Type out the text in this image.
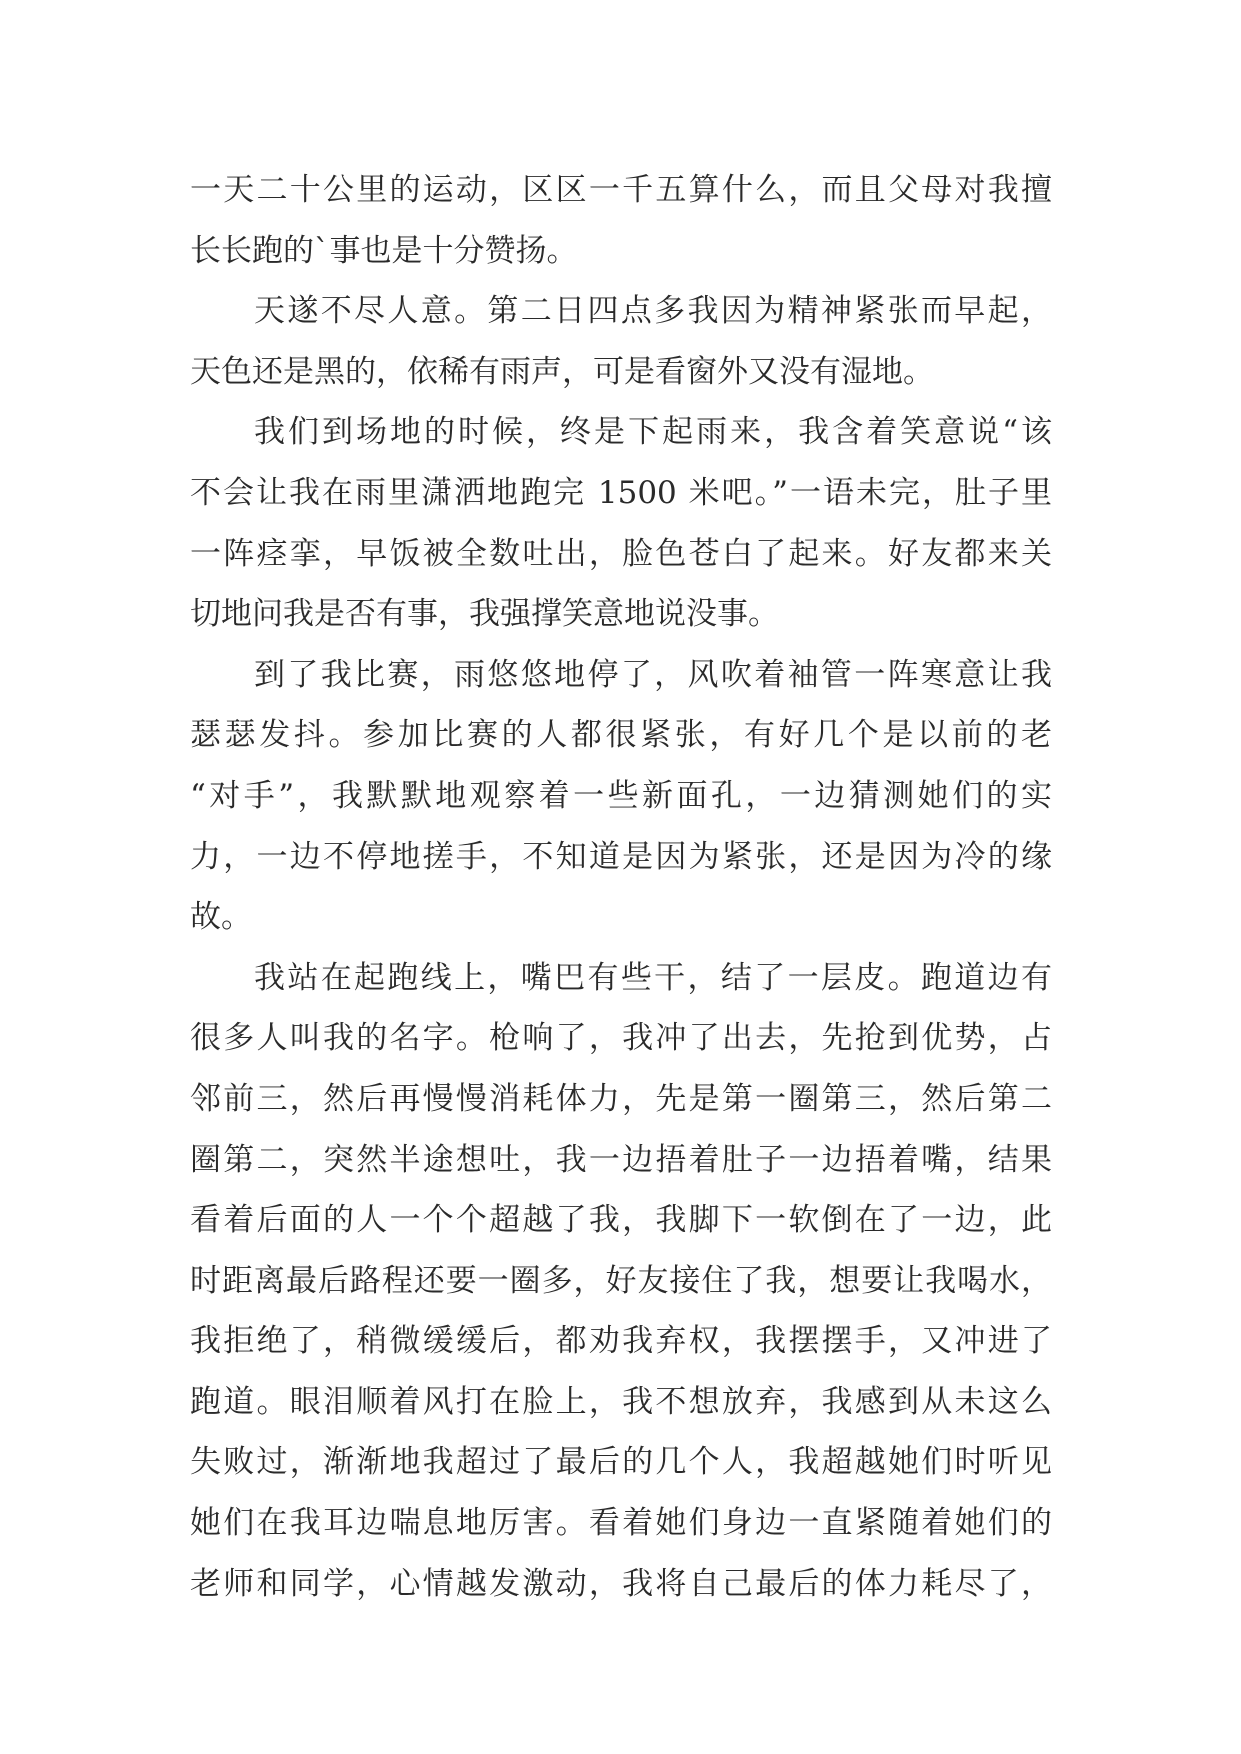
一天二十公里的运动，区区一千五算什么，而且父母对我擅
长长跑的`事也是十分赞扬。
天遂不尽人意。第二日四点多我因为精神紧张而早起，
天色还是黑的，依稀有雨声，可是看窗外又没有湿地。
我们到场地的时候，终是下起雨来，我含着笑意说“该
不会让我在雨里潇洒地跑完 1500 米吧。”一语未完，肚子里
一阵痉挛，早饭被全数吐出，脸色苍白了起来。好友都来关
切地问我是否有事，我强撑笑意地说没事。
到了我比赛，雨悠悠地停了，风吹着袖管一阵寒意让我
瑟瑟发抖。参加比赛的人都很紧张，有好几个是以前的老
“对手”，我默默地观察着一些新面孔，一边猜测她们的实
力，一边不停地搓手，不知道是因为紧张，还是因为冷的缘
故。
我站在起跑线上，嘴巴有些干，结了一层皮。跑道边有
很多人叫我的名字。枪响了，我冲了出去，先抢到优势，占
邻前三，然后再慢慢消耗体力，先是第一圈第三，然后第二
圈第二，突然半途想吐，我一边捂着肚子一边捂着嘴，结果
看着后面的人一个个超越了我，我脚下一软倒在了一边，此
时距离最后路程还要一圈多，好友接住了我，想要让我喝水，
我拒绝了，稍微缓缓后，都劝我弃权，我摆摆手，又冲进了
跑道。眼泪顺着风打在脸上，我不想放弃，我感到从未这么
失败过，渐渐地我超过了最后的几个人，我超越她们时听见
她们在我耳边喘息地厉害。看着她们身边一直紧随着她们的
老师和同学，心情越发激动，我将自己最后的体力耗尽了，
